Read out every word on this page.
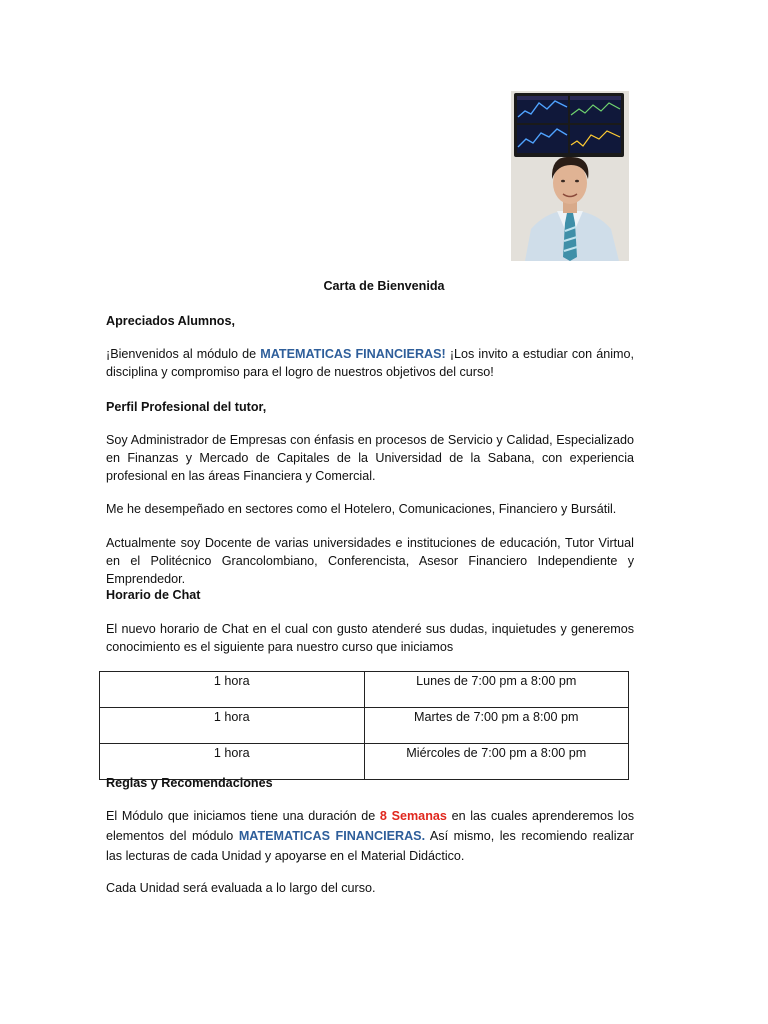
Carta de Bienvenida
Apreciados Alumnos,
¡Bienvenidos al módulo de MATEMATICAS FINANCIERAS! ¡Los invito a estudiar con ánimo, disciplina y compromiso para el logro de nuestros objetivos del curso!
Perfil Profesional del tutor,
Soy Administrador de Empresas con énfasis en procesos de Servicio y Calidad, Especializado en Finanzas y Mercado de Capitales de la Universidad de la Sabana, con experiencia profesional en las áreas Financiera y Comercial.
Me he desempeñado en sectores como el Hotelero, Comunicaciones, Financiero y Bursátil.
Actualmente soy Docente de varias universidades e instituciones de educación, Tutor Virtual en el Politécnico Grancolombiano, Conferencista, Asesor Financiero Independiente y Emprendedor.
Horario de Chat
El nuevo horario de Chat en el cual con gusto atenderé sus dudas, inquietudes y generemos conocimiento es el siguiente para nuestro curso que iniciamos
1 hora	Lunes de 7:00 pm a 8:00 pm
1 hora	Martes de 7:00 pm a 8:00 pm
1 hora	Miércoles de 7:00 pm a 8:00 pm
Reglas y Recomendaciones
El Módulo que iniciamos tiene una duración de 8 Semanas en las cuales aprenderemos los elementos del módulo MATEMATICAS FINANCIERAS. Así mismo, les recomiendo realizar las lecturas de cada Unidad y apoyarse en el Material Didáctico.
Cada Unidad será evaluada a lo largo del curso.
